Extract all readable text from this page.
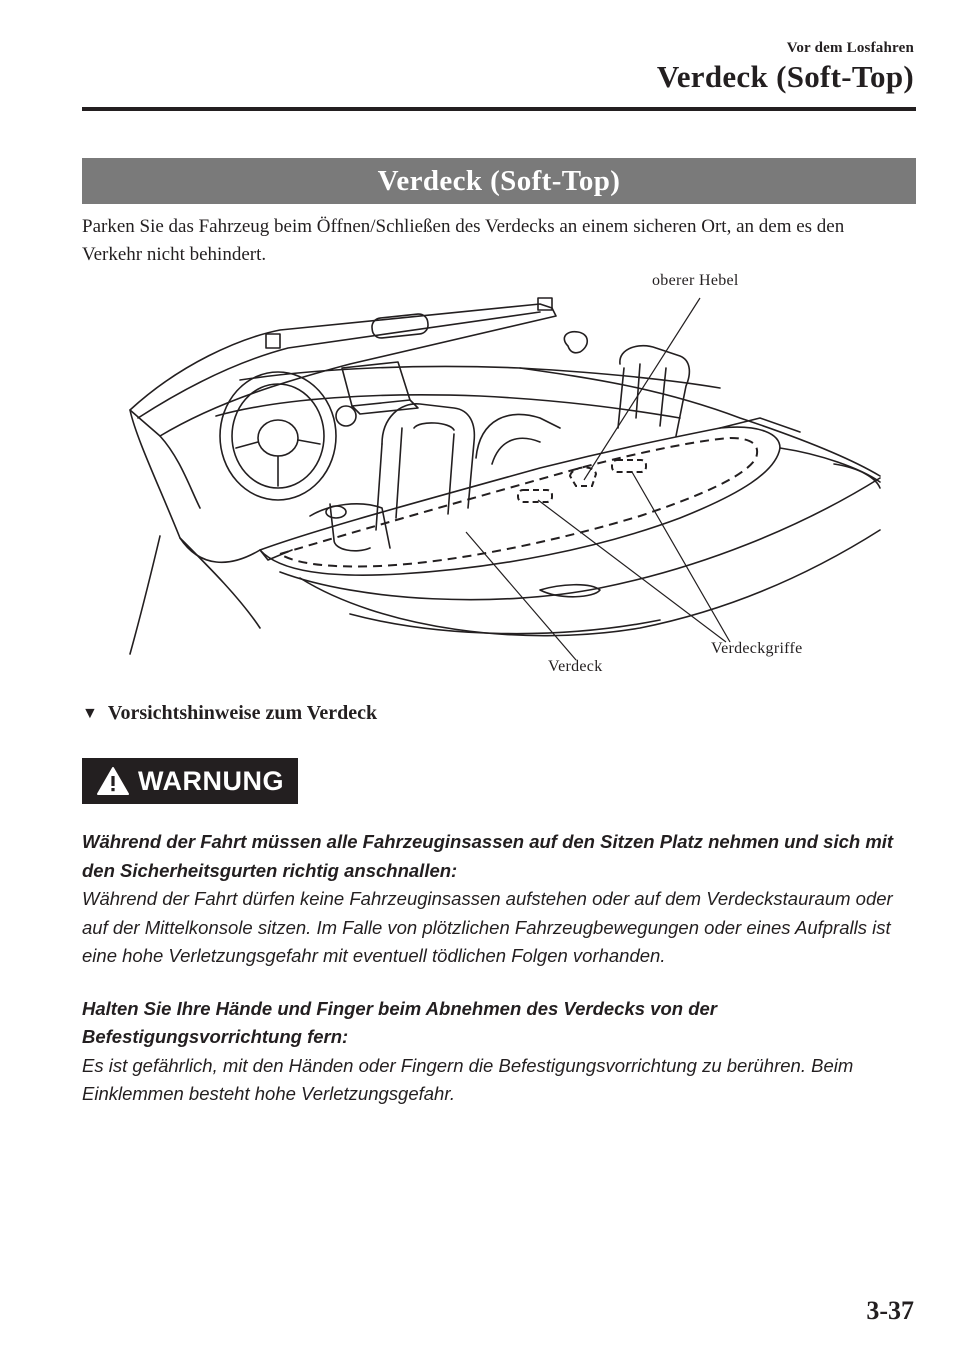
Vor dem Losfahren
Verdeck (Soft-Top)
Verdeck (Soft-Top)
Parken Sie das Fahrzeug beim Öffnen/Schließen des Verdecks an einem sicheren Ort, an dem es den Verkehr nicht behindert.
oberer Hebel
Verdeckgriffe
Verdeck
▼ Vorsichtshinweise zum Verdeck
WARNUNG

Während der Fahrt müssen alle Fahrzeuginsassen auf den Sitzen Platz nehmen und sich mit den Sicherheitsgurten richtig anschnallen:

Während der Fahrt dürfen keine Fahrzeuginsassen aufstehen oder auf dem Verdeckstauraum oder auf der Mittelkonsole sitzen. Im Falle von plötzlichen Fahrzeugbewegungen oder eines Aufpralls ist eine hohe Verletzungsgefahr mit eventuell tödlichen Folgen vorhanden.

Halten Sie Ihre Hände und Finger beim Abnehmen des Verdecks von der Befestigungsvorrichtung fern:

Es ist gefährlich, mit den Händen oder Fingern die Befestigungsvorrichtung zu berühren. Beim Einklemmen besteht hohe Verletzungsgefahr.

3-37
